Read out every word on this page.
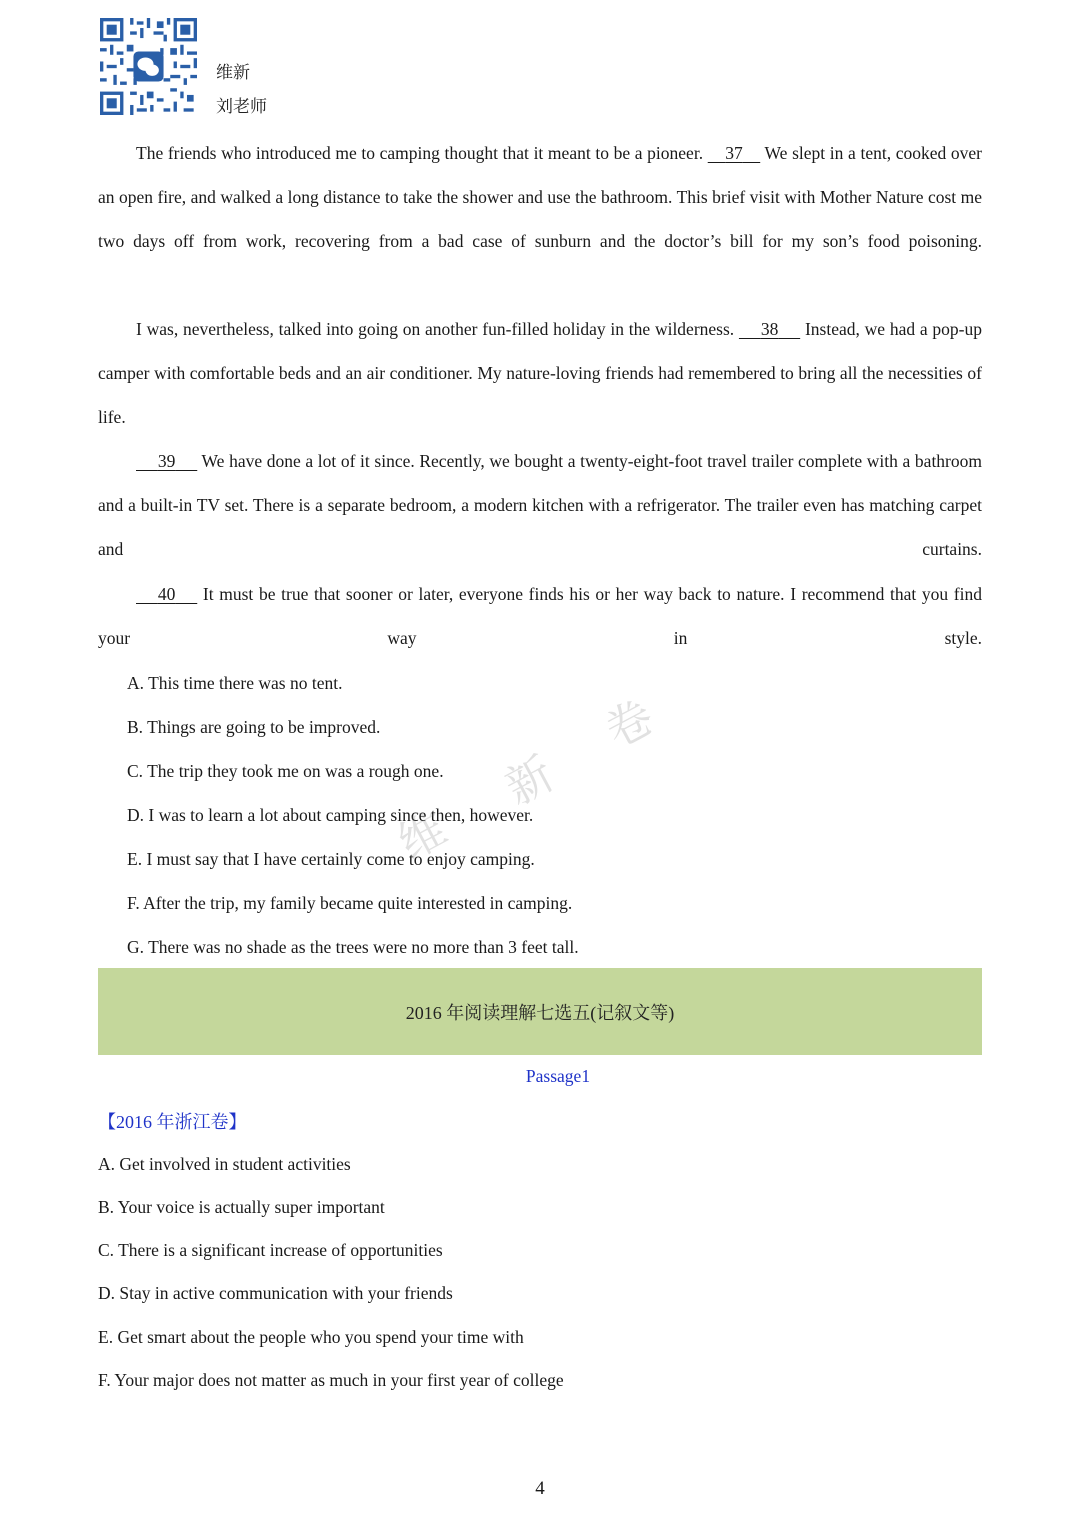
维新
刘老师
The friends who introduced me to camping thought that it meant to be a pioneer.     37     We slept in a tent, cooked over an open fire, and walked a long distance to take the shower and use the bathroom. This brief visit with Mother Nature cost me two days off from work, recovering from a bad case of sunburn and the doctor’s bill for my son’s food poisoning.
I was, nevertheless, talked into going on another fun-filled holiday in the wilderness.      38      Instead, we had a pop-up camper with comfortable beds and an air conditioner. My nature-loving friends had remembered to bring all the necessities of life.
39      We have done a lot of it since. Recently, we bought a twenty-eight-foot travel trailer complete with a bathroom and a built-in TV set. There is a separate bedroom, a modern kitchen with a refrigerator. The trailer even has matching carpet and curtains.
40      It must be true that sooner or later, everyone finds his or her way back to nature. I recommend that you find your way in style.
A. This time there was no tent.
B. Things are going to be improved.
C. The trip they took me on was a rough one.
D. I was to learn a lot about camping since then, however.
E. I must say that I have certainly come to enjoy camping.
F. After the trip, my family became quite interested in camping.
G. There was no shade as the trees were no more than 3 feet tall.
维
新
卷
2016 年阅读理解七选五(记叙文等)
Passage1
【2016 年浙江卷】
A. Get involved in student activities
B. Your voice is actually super important
C. There is a significant increase of opportunities
D. Stay in active communication with your friends
E. Get smart about the people who you spend your time with
F. Your major does not matter as much in your first year of college
4
